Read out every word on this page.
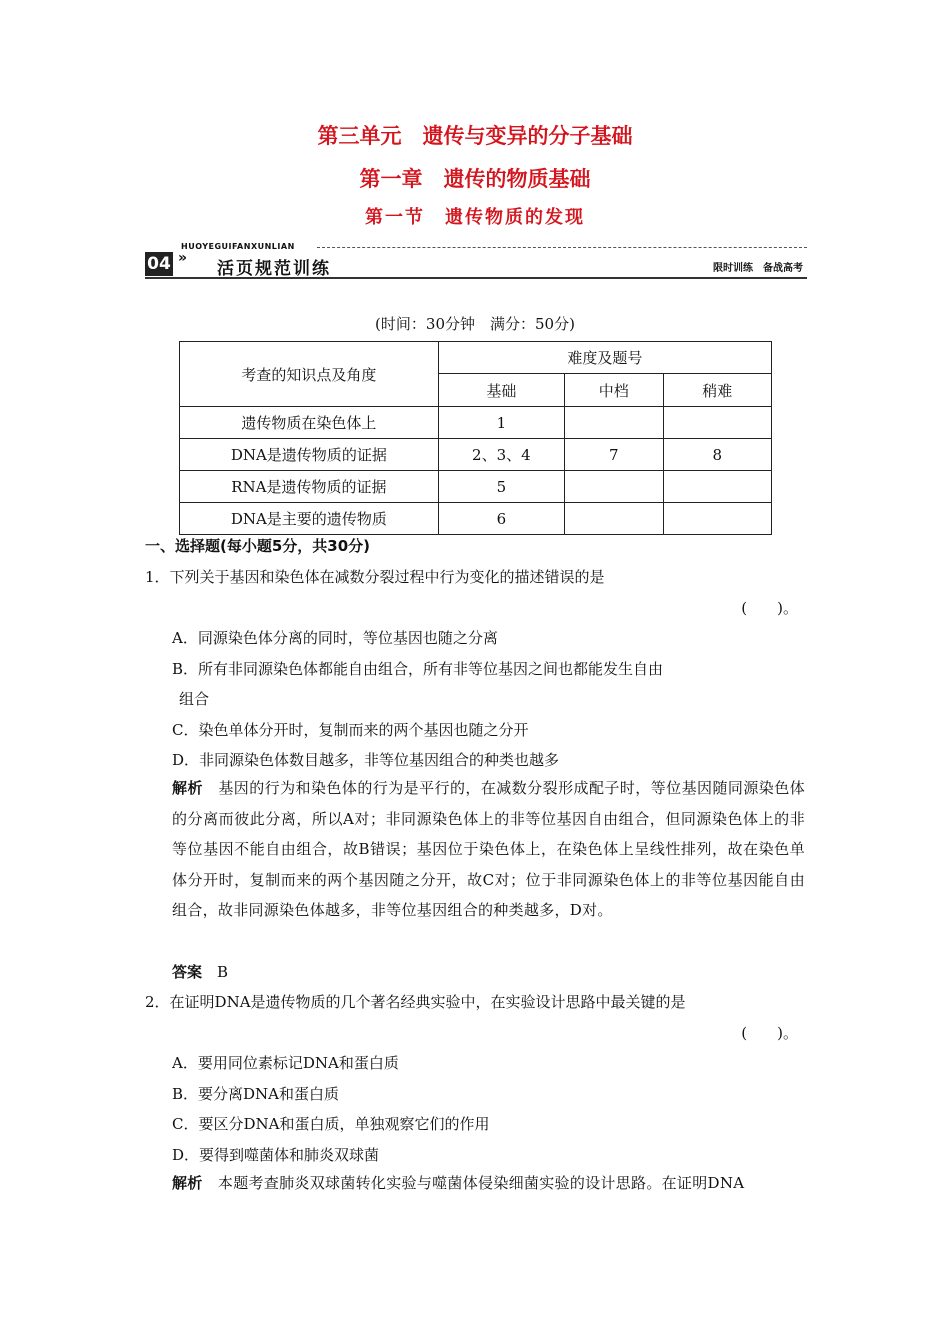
第三单元　遗传与变异的分子基础
第一章　遗传的物质基础
第一节　遗传物质的发现
HUOYEGUIFANXUNLIAN
04 »
活页规范训练	限时训练　备战高考
(时间：30分钟　满分：50分)
考查的知识点及角度	难度及题号		
	基础	中档	稍难
遗传物质在染色体上	1		
DNA是遗传物质的证据	2、3、4	7	8
RNA是遗传物质的证据	5		
DNA是主要的遗传物质	6		
一、选择题(每小题5分，共30分)
1．下列关于基因和染色体在减数分裂过程中行为变化的描述错误的是
(　　)。
A．同源染色体分离的同时，等位基因也随之分离
B．所有非同源染色体都能自由组合，所有非等位基因之间也都能发生自由
组合
C．染色单体分开时，复制而来的两个基因也随之分开
D．非同源染色体数目越多，非等位基因组合的种类也越多
解析　 基因的行为和染色体的行为是平行的，在减数分裂形成配子时，等位基因随同源染色体的分离而彼此分离，所以A对；非同源染色体上的非等位基因自由组合，但同源染色体上的非等位基因不能自由组合，故B错误；基因位于染色体上，在染色体上呈线性排列，故在染色单体分开时，复制而来的两个基因随之分开，故C对；位于非同源染色体上的非等位基因能自由组合，故非同源染色体越多，非等位基因组合的种类越多，D对。
答案　 B
2．在证明DNA是遗传物质的几个著名经典实验中，在实验设计思路中最关键的是
(　　)。
A．要用同位素标记DNA和蛋白质
B．要分离DNA和蛋白质
C．要区分DNA和蛋白质，单独观察它们的作用
D．要得到噬菌体和肺炎双球菌
解析　 本题考查肺炎双球菌转化实验与噬菌体侵染细菌实验的设计思路。在证明DNA
